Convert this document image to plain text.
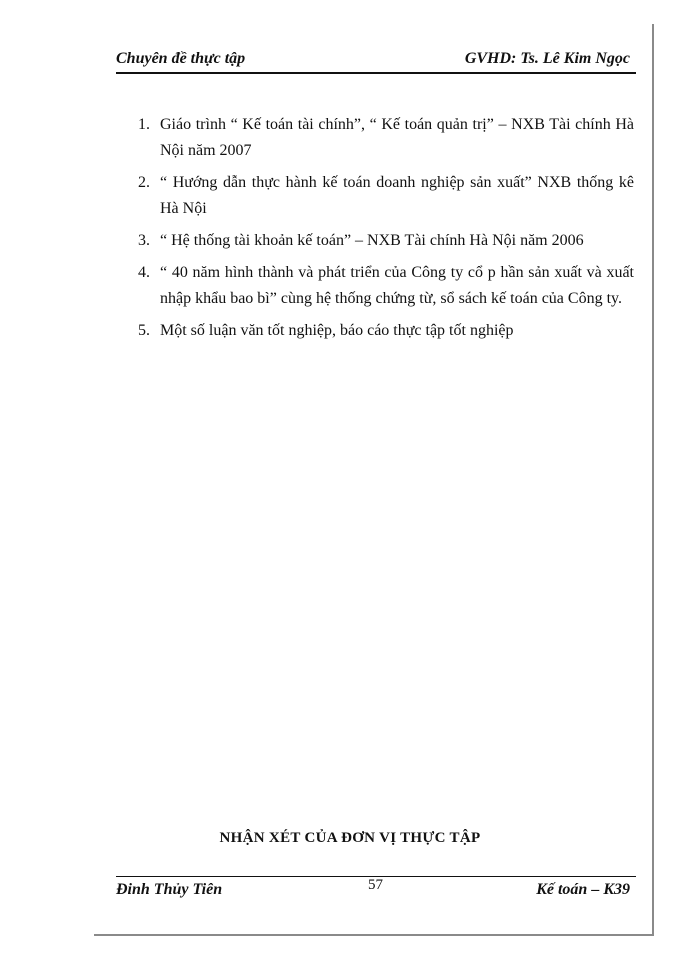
Chuyên đề thực tập	GVHD: Ts. Lê Kim Ngọc
1. Giáo trình “ Kế toán tài chính”, “ Kế toán quản trị” – NXB Tài chính Hà Nội năm 2007
2. “ Hướng dẫn thực hành kế toán doanh nghiệp sản xuất” NXB thống kê Hà Nội
3. “ Hệ thống tài khoản kế toán” – NXB Tài chính Hà Nội năm 2006
4. “ 40 năm hình thành và phát triển của Công ty cổ p hần sản xuất và xuất nhập khẩu bao bì” cùng hệ thống chứng từ, sổ sách kế toán của Công ty.
5. Một số luận văn tốt nghiệp, báo cáo thực tập tốt nghiệp
NHẬN XÉT CỦA ĐƠN VỊ THỰC TẬP
Đinh Thủy Tiên	57	Kế toán – K39
